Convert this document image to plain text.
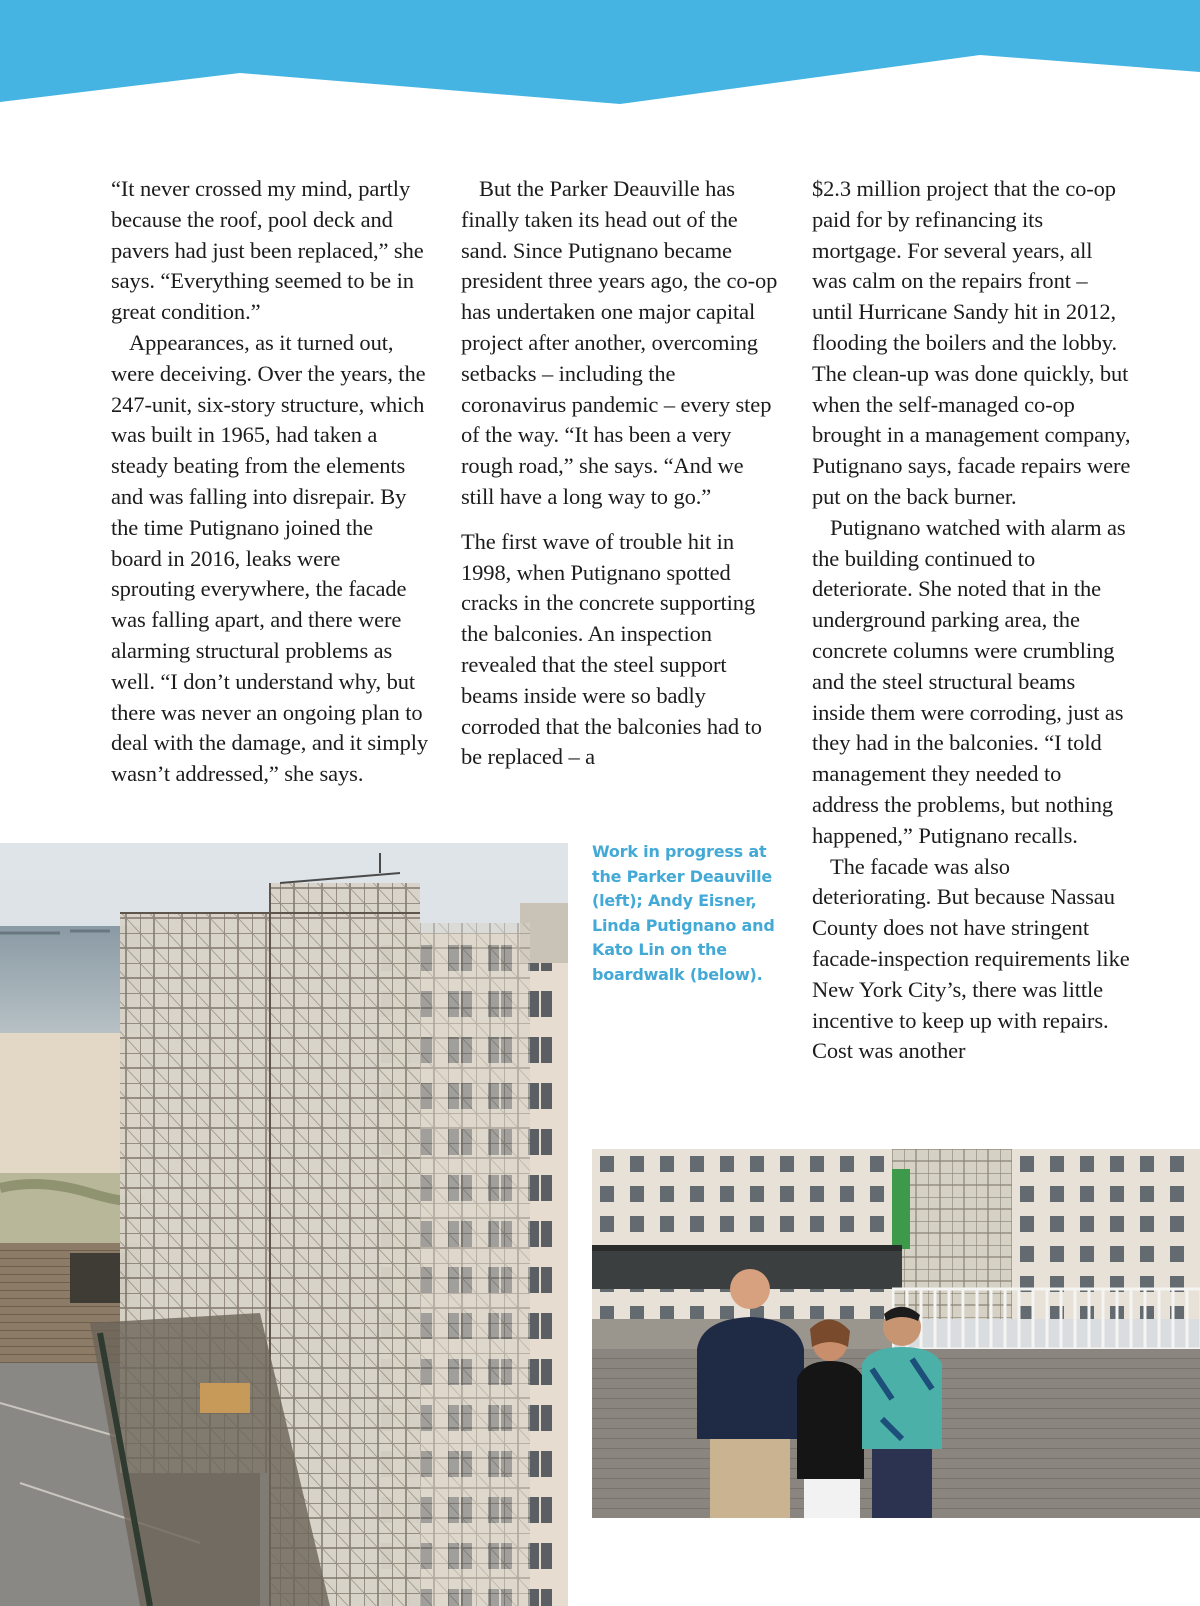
“It never crossed my mind, partly because the roof, pool deck and pavers had just been replaced,” she says. “Everything seemed to be in great condition.”

Appearances, as it turned out, were deceiving. Over the years, the 247-unit, six-story structure, which was built in 1965, had taken a steady beating from the elements and was falling into disrepair. By the time Putignano joined the board in 2016, leaks were sprouting everywhere, the facade was falling apart, and there were alarming structural problems as well. “I don’t understand why, but there was never an ongoing plan to deal with the damage, and it simply wasn’t addressed,” she says.

But the Parker Deauville has finally taken its head out of the sand. Since Putignano became president three years ago, the co-op has undertaken one major capital project after another, overcoming setbacks – including the coronavirus pandemic – every step of the way. “It has been a very rough road,” she says. “And we still have a long way to go.”

The first wave of trouble hit in 1998, when Putignano spotted cracks in the concrete supporting the balconies. An inspection revealed that the steel support beams inside were so badly corroded that the balconies had to be replaced – a

$2.3 million project that the co-op paid for by refinancing its mortgage. For several years, all was calm on the repairs front – until Hurricane Sandy hit in 2012, flooding the boilers and the lobby. The clean-up was done quickly, but when the self-managed co-op brought in a management company, Putignano says, facade repairs were put on the back burner.

Putignano watched with alarm as the building continued to deteriorate. She noted that in the underground parking area, the concrete columns were crumbling and the steel structural beams inside them were corroding, just as they had in the balconies. “I told management they needed to address the problems, but nothing happened,” Putignano recalls.

The facade was also deteriorating. But because Nassau County does not have stringent facade-inspection requirements like New York City’s, there was little incentive to keep up with repairs. Cost was another

Work in progress at the Parker Deauville (left); Andy Eisner, Linda Putignano and Kato Lin on the boardwalk (below).
